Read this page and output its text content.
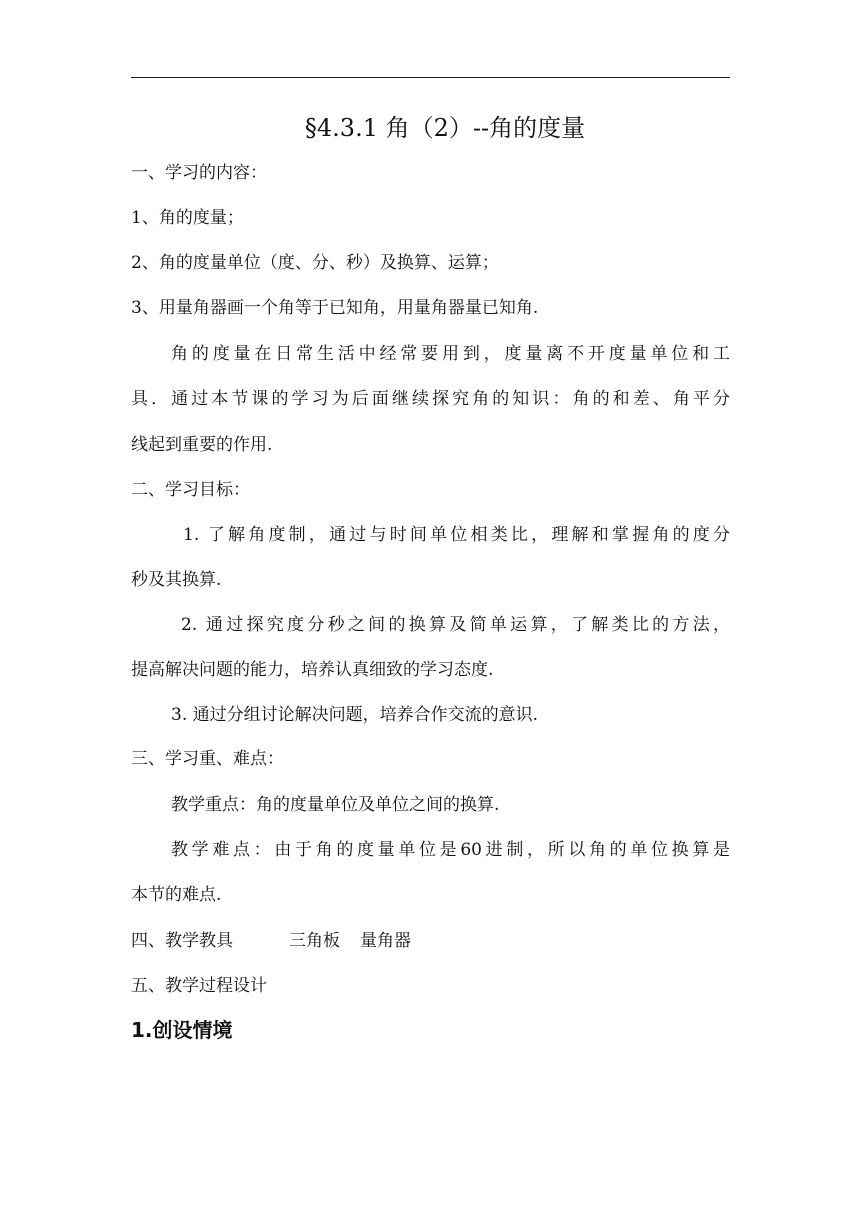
§4.3.1 角（2）--角的度量
一、学习的内容：
1、角的度量；
2、角的度量单位（度、分、秒）及换算、运算；
3、用量角器画一个角等于已知角，用量角器量已知角.
角的度量在日常生活中经常要用到，度量离不开度量单位和工
具．通过本节课的学习为后面继续探究角的知识：角的和差、角平分
线起到重要的作用.
二、学习目标：
1. 了解角度制，通过与时间单位相类比，理解和掌握角的度分
秒及其换算.
2. 通过探究度分秒之间的换算及简单运算，了解类比的方法，
提高解决问题的能力，培养认真细致的学习态度.
3. 通过分组讨论解决问题，培养合作交流的意识.
三、学习重、难点：
教学重点：角的度量单位及单位之间的换算.
教学难点：由于角的度量单位是60进制，所以角的单位换算是
本节的难点.
四、教学教具	三角板 量角器
五、教学过程设计
1.创设情境
